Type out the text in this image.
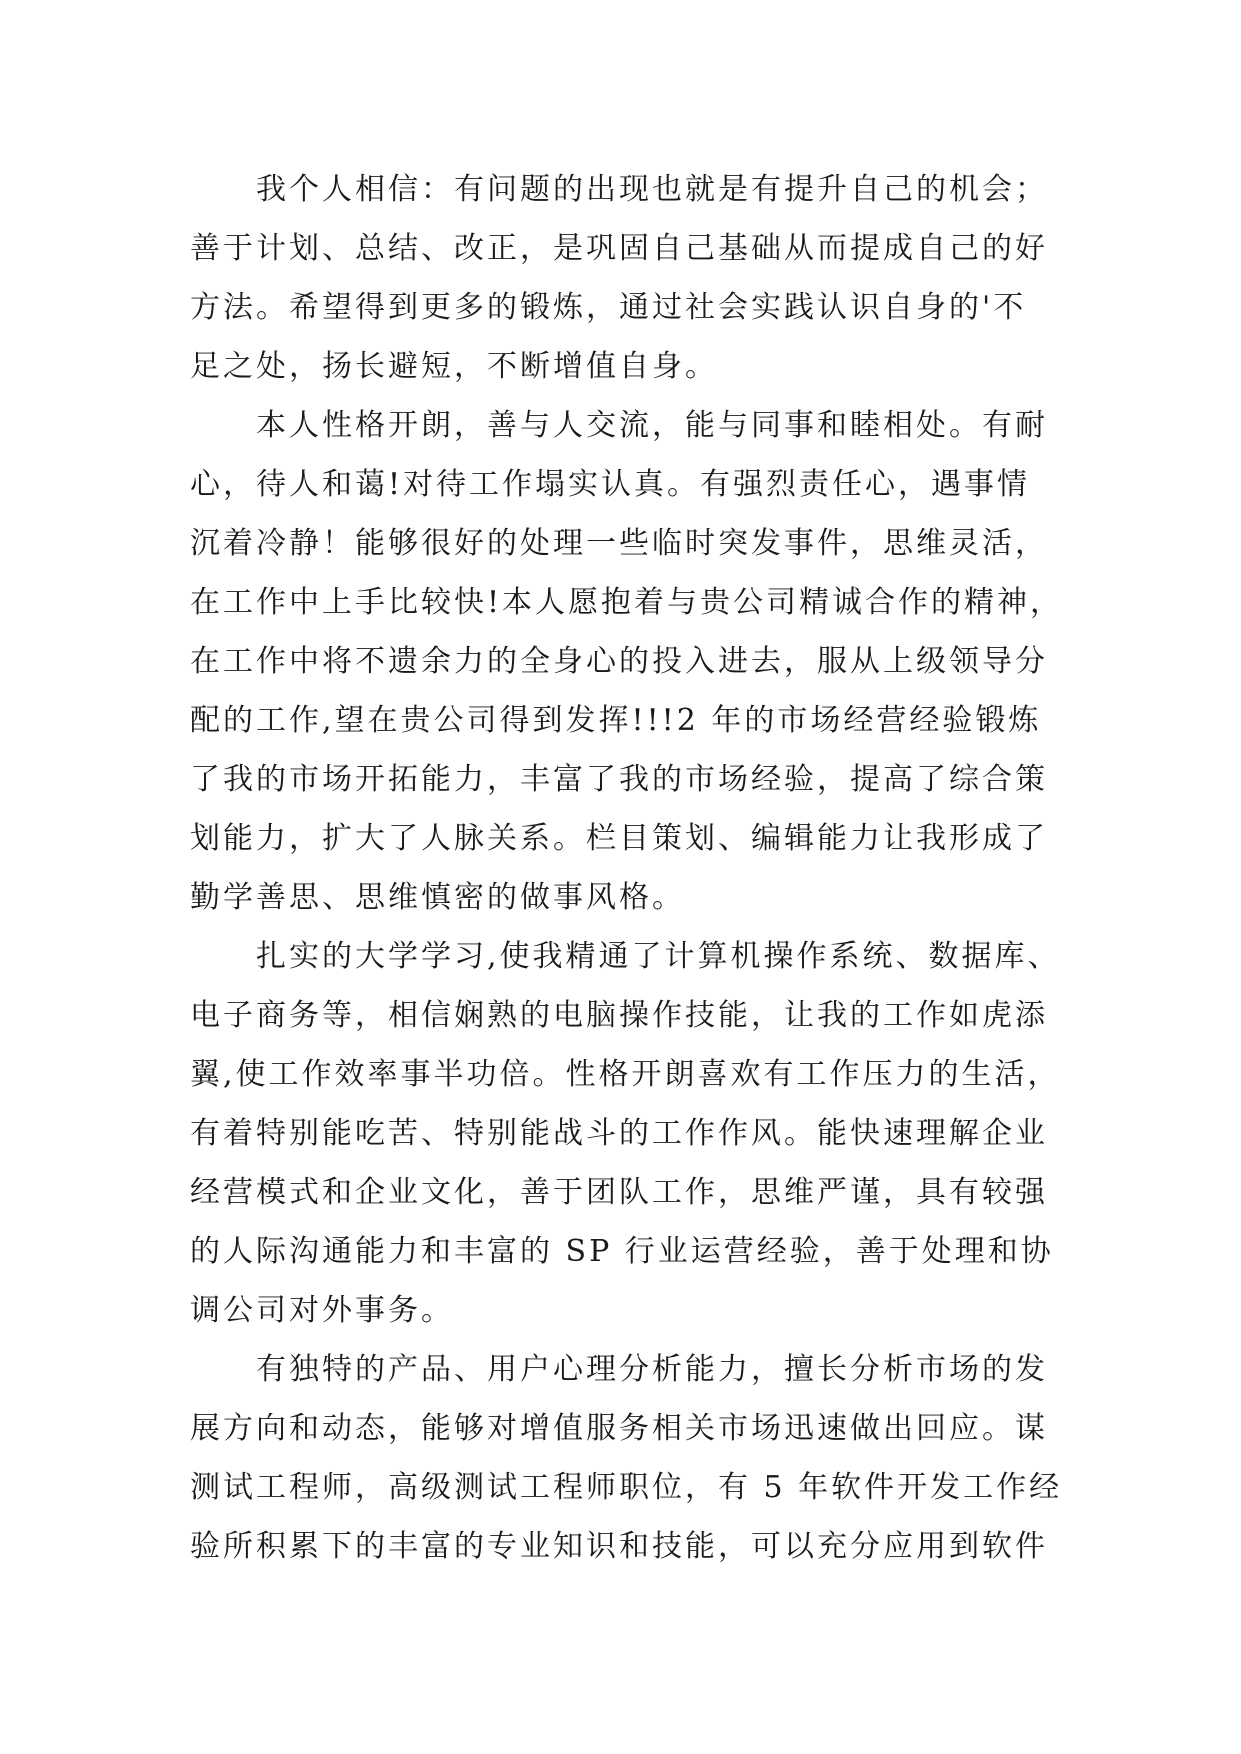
我个人相信：有问题的出现也就是有提升自己的机会；
善于计划、总结、改正，是巩固自己基础从而提成自己的好
方法。希望得到更多的锻炼，通过社会实践认识自身的'不
足之处，扬长避短，不断增值自身。
本人性格开朗，善与人交流，能与同事和睦相处。有耐
心，待人和蔼!对待工作塌实认真。有强烈责任心，遇事情
沉着冷静！能够很好的处理一些临时突发事件，思维灵活，
在工作中上手比较快!本人愿抱着与贵公司精诚合作的精神，
在工作中将不遗余力的全身心的投入进去，服从上级领导分
配的工作,望在贵公司得到发挥!!!2 年的市场经营经验锻炼
了我的市场开拓能力，丰富了我的市场经验，提高了综合策
划能力，扩大了人脉关系。栏目策划、编辑能力让我形成了
勤学善思、思维慎密的做事风格。
扎实的大学学习,使我精通了计算机操作系统、数据库、
电子商务等，相信娴熟的电脑操作技能，让我的工作如虎添
翼,使工作效率事半功倍。性格开朗喜欢有工作压力的生活，
有着特别能吃苦、特别能战斗的工作作风。能快速理解企业
经营模式和企业文化，善于团队工作，思维严谨，具有较强
的人际沟通能力和丰富的 SP 行业运营经验，善于处理和协
调公司对外事务。
有独特的产品、用户心理分析能力，擅长分析市场的发
展方向和动态，能够对增值服务相关市场迅速做出回应。谋
测试工程师，高级测试工程师职位，有 5 年软件开发工作经
验所积累下的丰富的专业知识和技能，可以充分应用到软件
